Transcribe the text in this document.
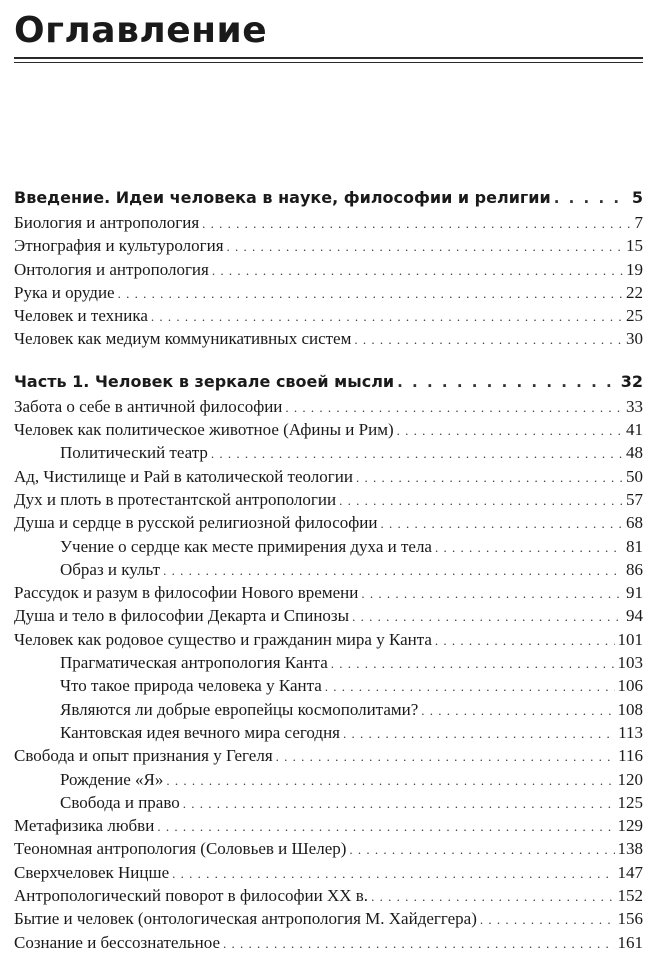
Оглавление
Введение. Идеи человека в науке, философии и религии . . .	5
Биология и антропология . . .	7
Этнография и культурология . . .	15
Онтология и антропология . . .	19
Рука и орудие . . .	22
Человек и техника . . .	25
Человек как медиум коммуникативных систем . . .	30
Часть 1. Человек в зеркале своей мысли . . .	32
Забота о себе в античной философии . . .	33
Человек как политическое животное (Афины и Рим) . . .	41
Политический театр . . .	48
Ад, Чистилище и Рай в католической теологии . . .	50
Дух и плоть в протестантской антропологии . . .	57
Душа и сердце в русской религиозной философии . . .	68
Учение о сердце как месте примирения духа и тела . . .	81
Образ и культ . . .	86
Рассудок и разум в философии Нового времени . . .	91
Душа и тело в философии Декарта и Спинозы . . .	94
Человек как родовое существо и гражданин мира у Канта . . .	101
Прагматическая антропология Канта . . .	103
Что такое природа человека у Канта . . .	106
Являются ли добрые европейцы космополитами? . . .	108
Кантовская идея вечного мира сегодня . . .	113
Свобода и опыт признания у Гегеля . . .	116
Рождение «Я» . . .	120
Свобода и право . . .	125
Метафизика любви . . .	129
Теономная антропология (Соловьев и Шелер) . . .	138
Сверхчеловек Ницше . . .	147
Антропологический поворот в философии XX в. . . .	152
Бытие и человек (онтологическая антропология М. Хайдеггера) . . .	156
Сознание и бессознательное . . .	161
